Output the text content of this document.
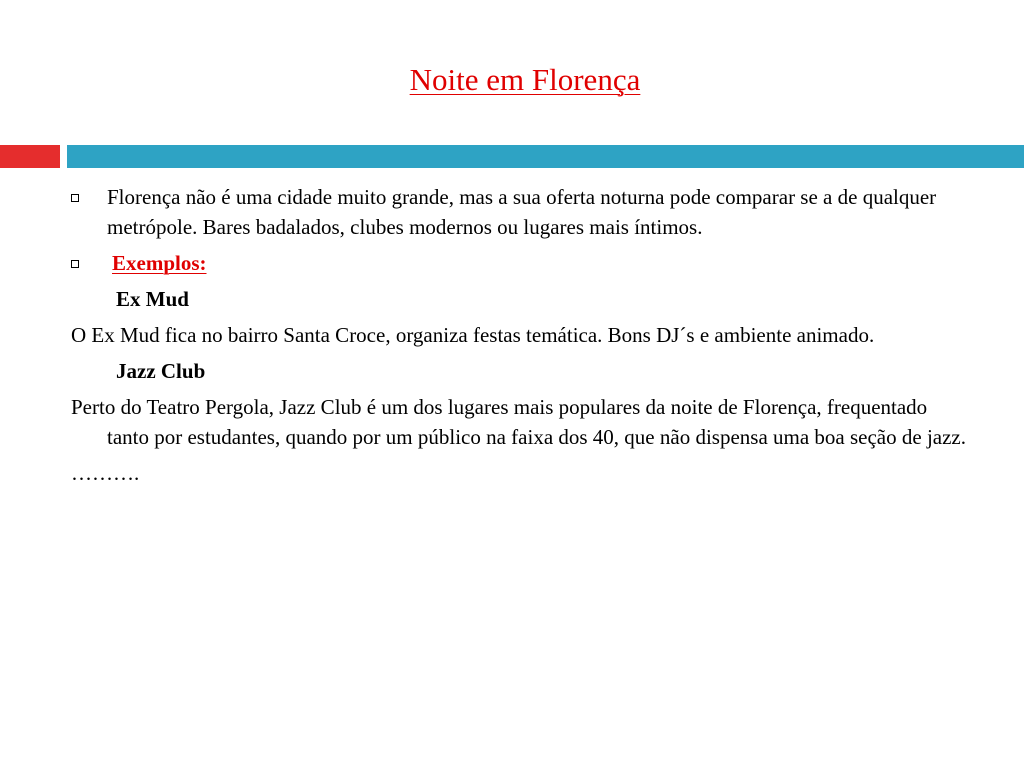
Noite em Florença
Florença não é uma cidade muito grande, mas a sua oferta noturna pode comparar se a de qualquer metrópole. Bares badalados, clubes modernos ou lugares mais íntimos.
Exemplos:
Ex Mud
O Ex Mud fica no bairro Santa Croce, organiza festas temática. Bons DJ´s e ambiente animado.
Jazz Club
Perto do Teatro Pergola, Jazz Club é um dos lugares mais populares da noite de Florença, frequentado tanto por estudantes, quando por um público na faixa dos 40, que não dispensa uma boa seção de jazz.
……….
